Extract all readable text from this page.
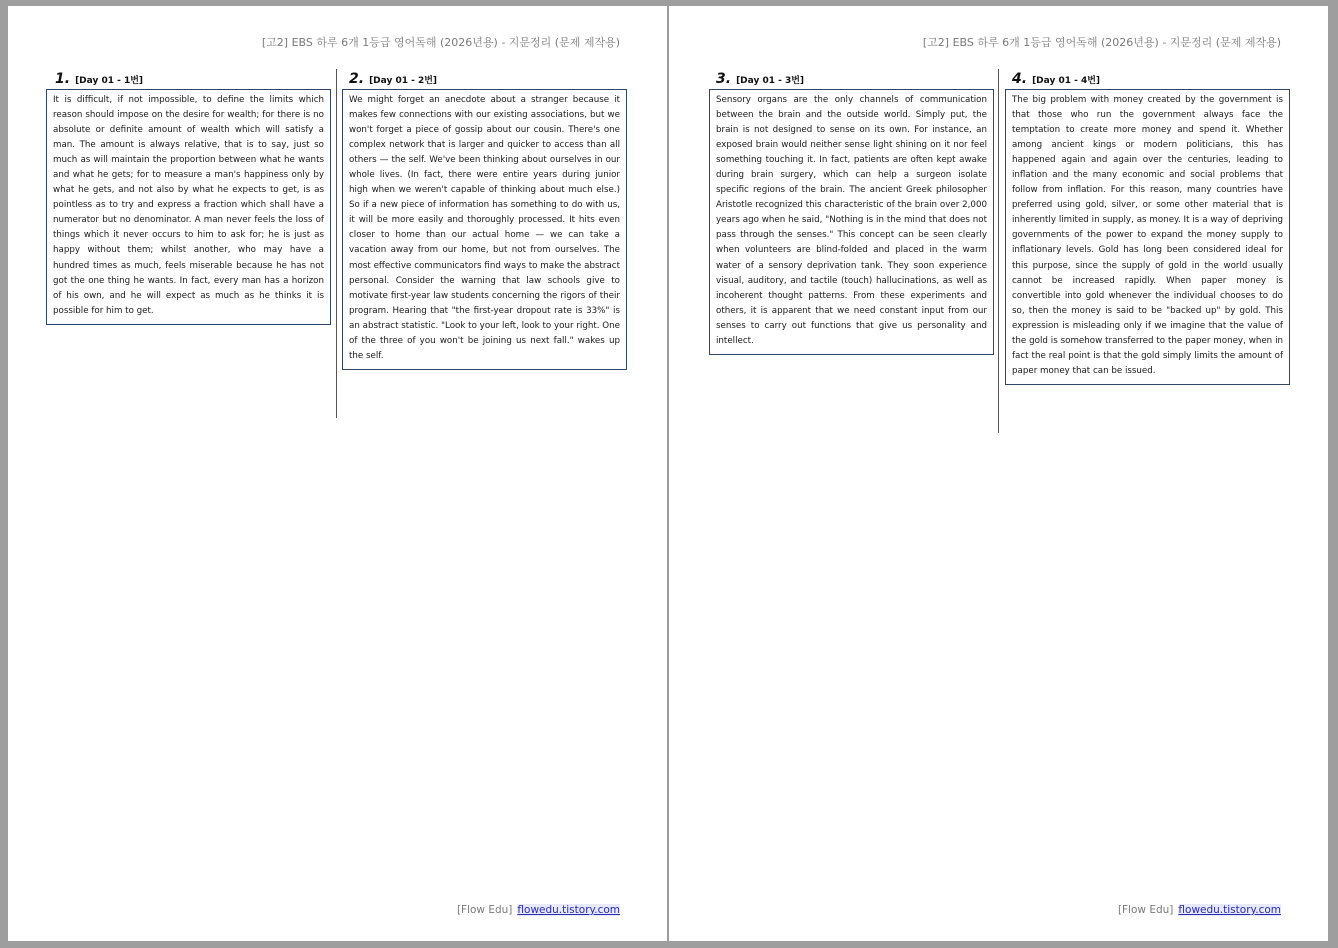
[고2] EBS 하루 6개 1등급 영어독해 (2026년용) - 지문정리 (문제 제작용)
1. [Day 01 - 1번]
It is difficult, if not impossible, to define the limits which reason should impose on the desire for wealth; for there is no absolute or definite amount of wealth which will satisfy a man. The amount is always relative, that is to say, just so much as will maintain the proportion between what he wants and what he gets; for to measure a man's happiness only by what he gets, and not also by what he expects to get, is as pointless as to try and express a fraction which shall have a numerator but no denominator. A man never feels the loss of things which it never occurs to him to ask for; he is just as happy without them; whilst another, who may have a hundred times as much, feels miserable because he has not got the one thing he wants. In fact, every man has a horizon of his own, and he will expect as much as he thinks it is possible for him to get.
2. [Day 01 - 2번]
We might forget an anecdote about a stranger because it makes few connections with our existing associations, but we won't forget a piece of gossip about our cousin. There's one complex network that is larger and quicker to access than all others — the self. We've been thinking about ourselves in our whole lives. (In fact, there were entire years during junior high when we weren't capable of thinking about much else.) So if a new piece of information has something to do with us, it will be more easily and thoroughly processed. It hits even closer to home than our actual home — we can take a vacation away from our home, but not from ourselves. The most effective communicators find ways to make the abstract personal. Consider the warning that law schools give to motivate first-year law students concerning the rigors of their program. Hearing that "the first-year dropout rate is 33%" is an abstract statistic. "Look to your left, look to your right. One of the three of you won't be joining us next fall." wakes up the self.
[Flow Edu] flowedu.tistory.com
[고2] EBS 하루 6개 1등급 영어독해 (2026년용) - 지문정리 (문제 제작용)
3. [Day 01 - 3번]
Sensory organs are the only channels of communication between the brain and the outside world. Simply put, the brain is not designed to sense on its own. For instance, an exposed brain would neither sense light shining on it nor feel something touching it. In fact, patients are often kept awake during brain surgery, which can help a surgeon isolate specific regions of the brain. The ancient Greek philosopher Aristotle recognized this characteristic of the brain over 2,000 years ago when he said, "Nothing is in the mind that does not pass through the senses." This concept can be seen clearly when volunteers are blind-folded and placed in the warm water of a sensory deprivation tank. They soon experience visual, auditory, and tactile (touch) hallucinations, as well as incoherent thought patterns. From these experiments and others, it is apparent that we need constant input from our senses to carry out functions that give us personality and intellect.
4. [Day 01 - 4번]
The big problem with money created by the government is that those who run the government always face the temptation to create more money and spend it. Whether among ancient kings or modern politicians, this has happened again and again over the centuries, leading to inflation and the many economic and social problems that follow from inflation. For this reason, many countries have preferred using gold, silver, or some other material that is inherently limited in supply, as money. It is a way of depriving governments of the power to expand the money supply to inflationary levels. Gold has long been considered ideal for this purpose, since the supply of gold in the world usually cannot be increased rapidly. When paper money is convertible into gold whenever the individual chooses to do so, then the money is said to be "backed up" by gold. This expression is misleading only if we imagine that the value of the gold is somehow transferred to the paper money, when in fact the real point is that the gold simply limits the amount of paper money that can be issued.
[Flow Edu] flowedu.tistory.com
